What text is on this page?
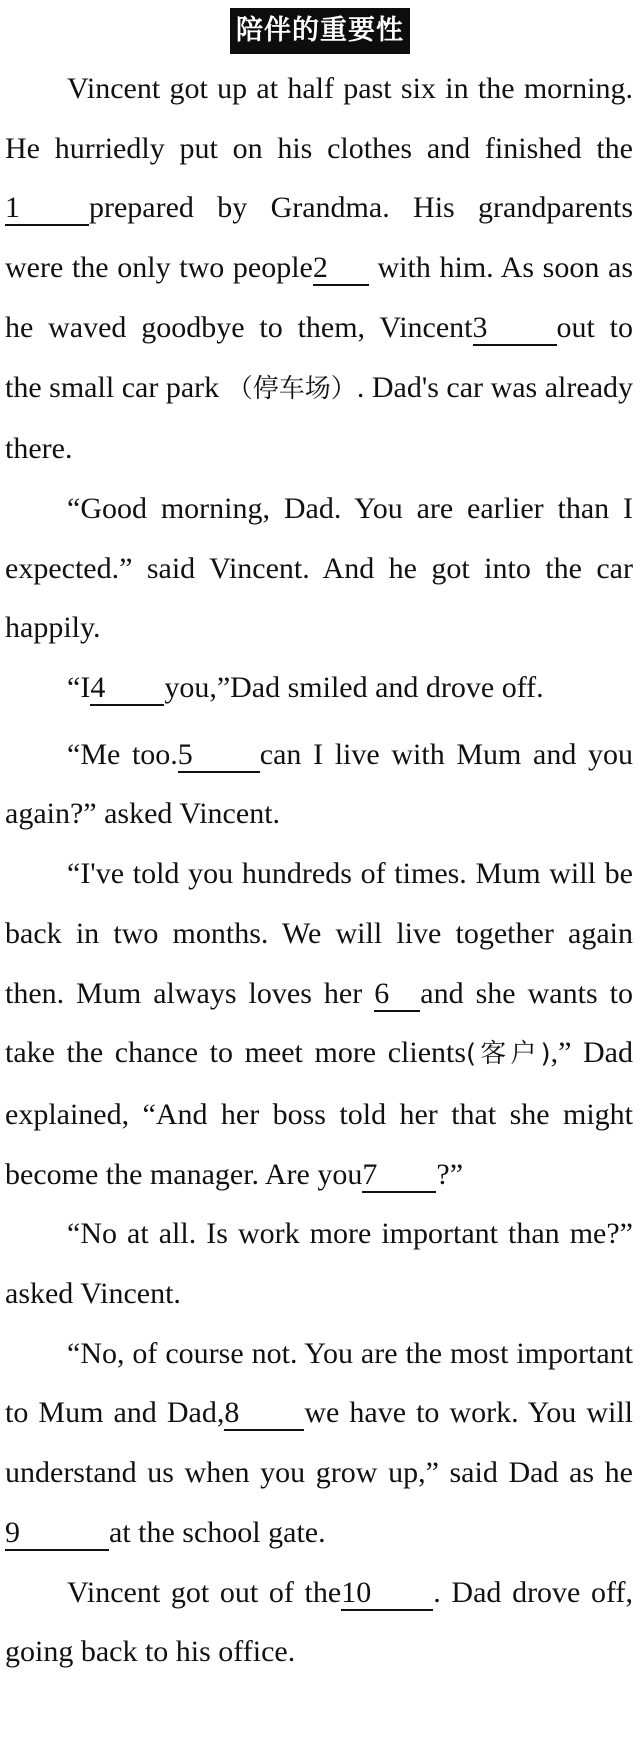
陪伴的重要性

Vincent got up at half past six in the morning. He hurriedly put on his clothes and finished the1 prepared by Grandma. His grandparents were the only two people2 with him. As soon as he waved goodbye to them, Vincent3 out to the small car park （停车场）. Dad's car was already there.

“Good morning, Dad. You are earlier than I expected.” said Vincent. And he got into the car happily.

“I4 you,”Dad smiled and drove off.

“Me too.5 can I live with Mum and you again?” asked Vincent.

“I've told you hundreds of times. Mum will be back in two months. We will live together again then. Mum always loves her 6 and she wants to take the chance to meet more clients(客户),” Dad explained, “And her boss told her that she might become the manager. Are you7 ?”

“No at all. Is work more important than me?” asked Vincent.

“No, of course not. You are the most important to Mum and Dad,8 we have to work. You will understand us when you grow up,” said Dad as he9	at the school gate.

Vincent got out of the10 . Dad drove off, going back to his office.
